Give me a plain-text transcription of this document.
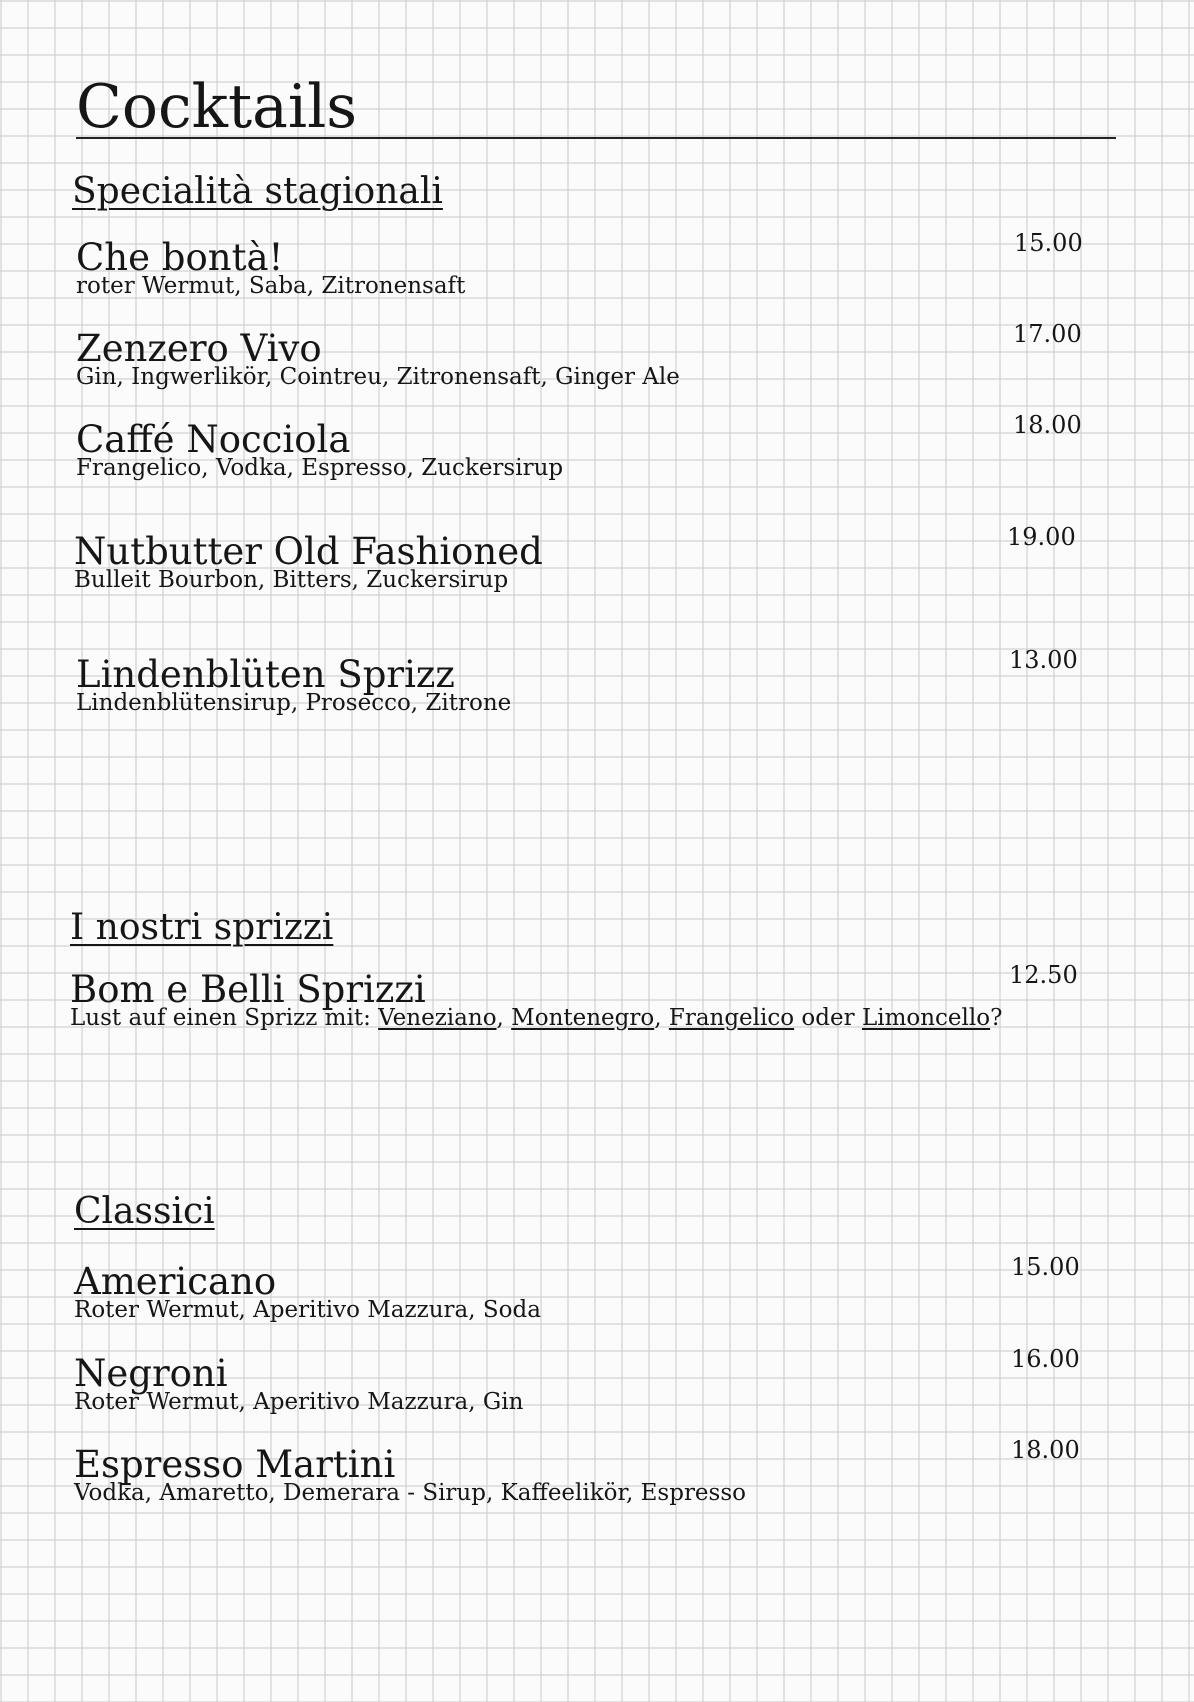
Cocktails
Specialità stagionali
Che bontà!
roter Wermut, Saba, Zitronensaft
15.00
Zenzero Vivo
Gin, Ingwerlikör, Cointreu, Zitronensaft, Ginger Ale
17.00
Caffé Nocciola
Frangelico, Vodka, Espresso, Zuckersirup
18.00
Nutbutter Old Fashioned
Bulleit Bourbon, Bitters, Zuckersirup
19.00
Lindenblüten Sprizz
Lindenblütensirup, Prosecco, Zitrone
13.00
I nostri sprizzi
Bom e Belli Sprizzi
Lust auf einen Sprizz mit: Veneziano, Montenegro, Frangelico oder Limoncello?
12.50
Classici
Americano
Roter Wermut, Aperitivo Mazzura, Soda
15.00
Negroni
Roter Wermut, Aperitivo Mazzura, Gin
16.00
Espresso Martini
Vodka, Amaretto, Demerara - Sirup, Kaffeelikör, Espresso
18.00
